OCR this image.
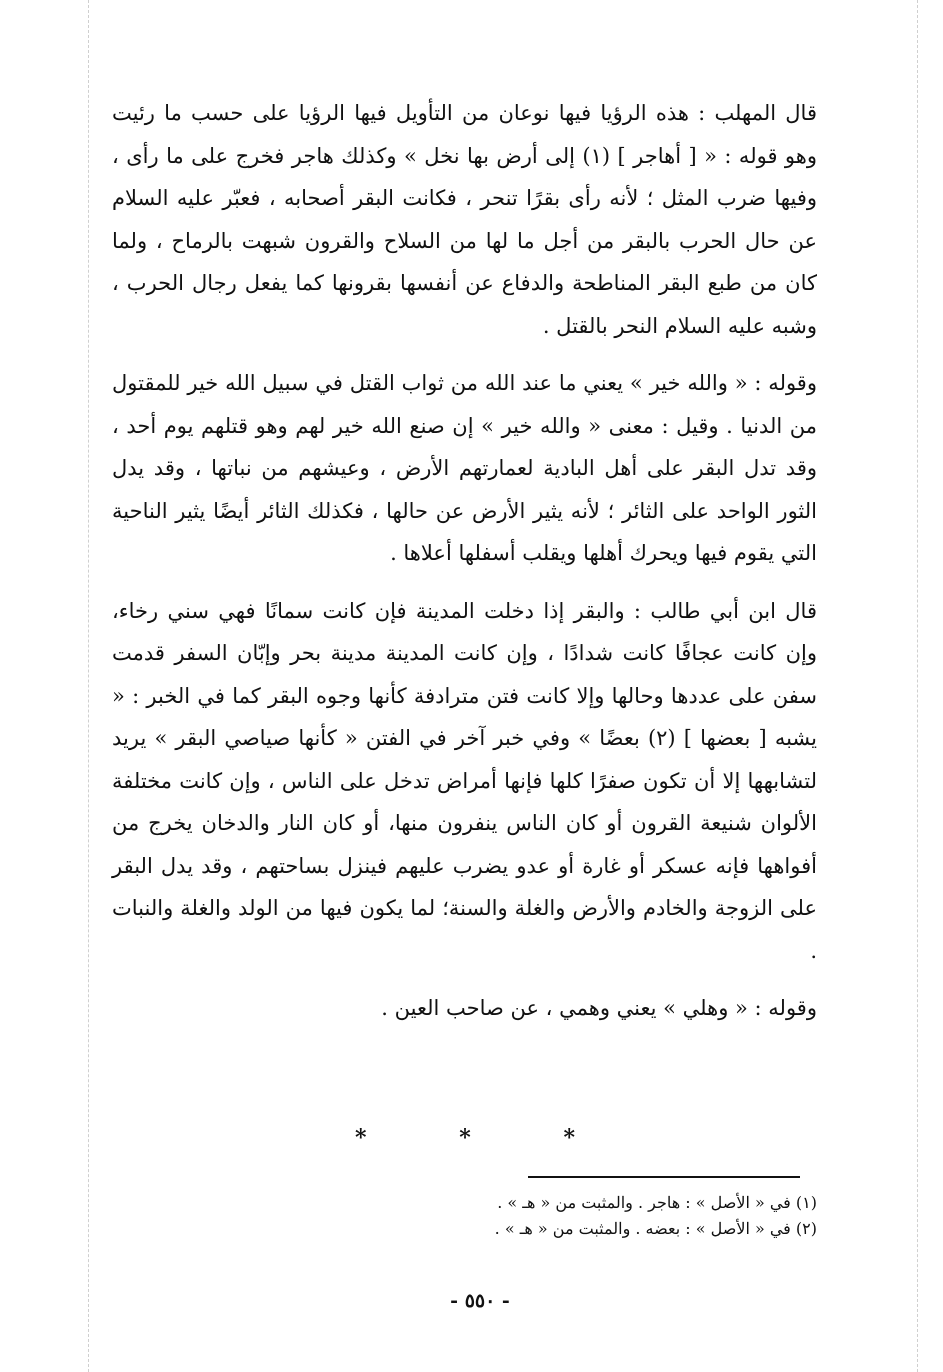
قال المهلب : هذه الرؤيا فيها نوعان من التأويل فيها الرؤيا على حسب ما رئيت وهو قوله : « [ أهاجر ] (١) إلى أرض بها نخل » وكذلك هاجر فخرج على ما رأى ، وفيها ضرب المثل ؛ لأنه رأى بقرًا تنحر ، فكانت البقر أصحابه ، فعبّر عليه السلام عن حال الحرب بالبقر من أجل ما لها من السلاح والقرون شبهت بالرماح ، ولما كان من طبع البقر المناطحة والدفاع عن أنفسها بقرونها كما يفعل رجال الحرب ، وشبه عليه السلام النحر بالقتل .

وقوله : « والله خير » يعني ما عند الله من ثواب القتل في سبيل الله خير للمقتول من الدنيا . وقيل : معنى « والله خير » إن صنع الله خير لهم وهو قتلهم يوم أحد ، وقد تدل البقر على أهل البادية لعمارتهم الأرض ، وعيشهم من نباتها ، وقد يدل الثور الواحد على الثائر ؛ لأنه يثير الأرض عن حالها ، فكذلك الثائر أيضًا يثير الناحية التي يقوم فيها ويحرك أهلها ويقلب أسفلها أعلاها .

قال ابن أبي طالب : والبقر إذا دخلت المدينة فإن كانت سمانًا فهي سني رخاء، وإن كانت عجافًا كانت شدادًا ، وإن كانت المدينة مدينة بحر وإبّان السفر قدمت سفن على عددها وحالها وإلا كانت فتن مترادفة كأنها وجوه البقر كما في الخبر : « يشبه [ بعضها ] (٢) بعضًا » وفي خبر آخر في الفتن « كأنها صياصي البقر » يريد لتشابهها إلا أن تكون صفرًا كلها فإنها أمراض تدخل على الناس ، وإن كانت مختلفة الألوان شنيعة القرون أو كان الناس ينفرون منها، أو كان النار والدخان يخرج من أفواهها فإنه عسكر أو غارة أو عدو يضرب عليهم فينزل بساحتهم ، وقد يدل البقر على الزوجة والخادم والأرض والغلة والسنة؛ لما يكون فيها من الولد والغلة والنبات .

وقوله : « وهلي » يعني وهمي ، عن صاحب العين .

*	*	*

(١) في « الأصل » : هاجر . والمثبت من « هـ » .

(٢) في « الأصل » : بعضه . والمثبت من « هـ » .

- ٥٥٠ -
